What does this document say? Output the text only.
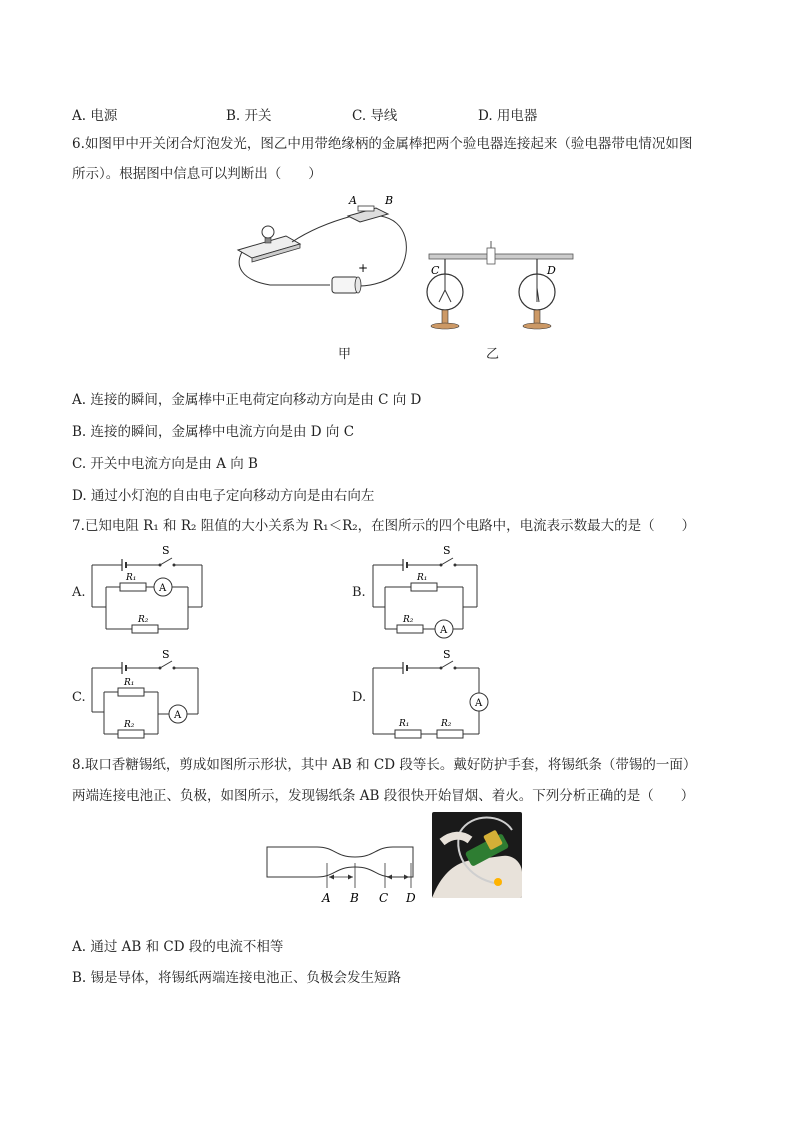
A. 电源	B. 开关	C. 导线	D. 用电器
6.如图甲中开关闭合灯泡发光，图乙中用带绝缘柄的金属棒把两个验电器连接起来（验电器带电情况如图
所示）。根据图中信息可以判断出（　　）
A	B
+
甲
C	D
乙
A. 连接的瞬间，金属棒中正电荷定向移动方向是由 C 向 D
B. 连接的瞬间，金属棒中电流方向是由 D 向 C
C. 开关中电流方向是由 A 向 B
D. 通过小灯泡的自由电子定向移动方向是由右向左
7.已知电阻 R₁ 和 R₂ 阻值的大小关系为 R₁＜R₂，在图所示的四个电路中，电流表示数最大的是（　　）
A.	B.
C.	D.
S
R₁
A
R₂
S
R₁
R₂
A
S
A
R₁
R₂
S
A
R₁	R₂
8.取口香糖锡纸，剪成如图所示形状，其中 AB 和 CD 段等长。戴好防护手套，将锡纸条（带锡的一面）
两端连接电池正、负极，如图所示，发现锡纸条 AB 段很快开始冒烟、着火。下列分析正确的是（　　）
A B C D
A. 通过 AB 和 CD 段的电流不相等
B. 锡是导体，将锡纸两端连接电池正、负极会发生短路
